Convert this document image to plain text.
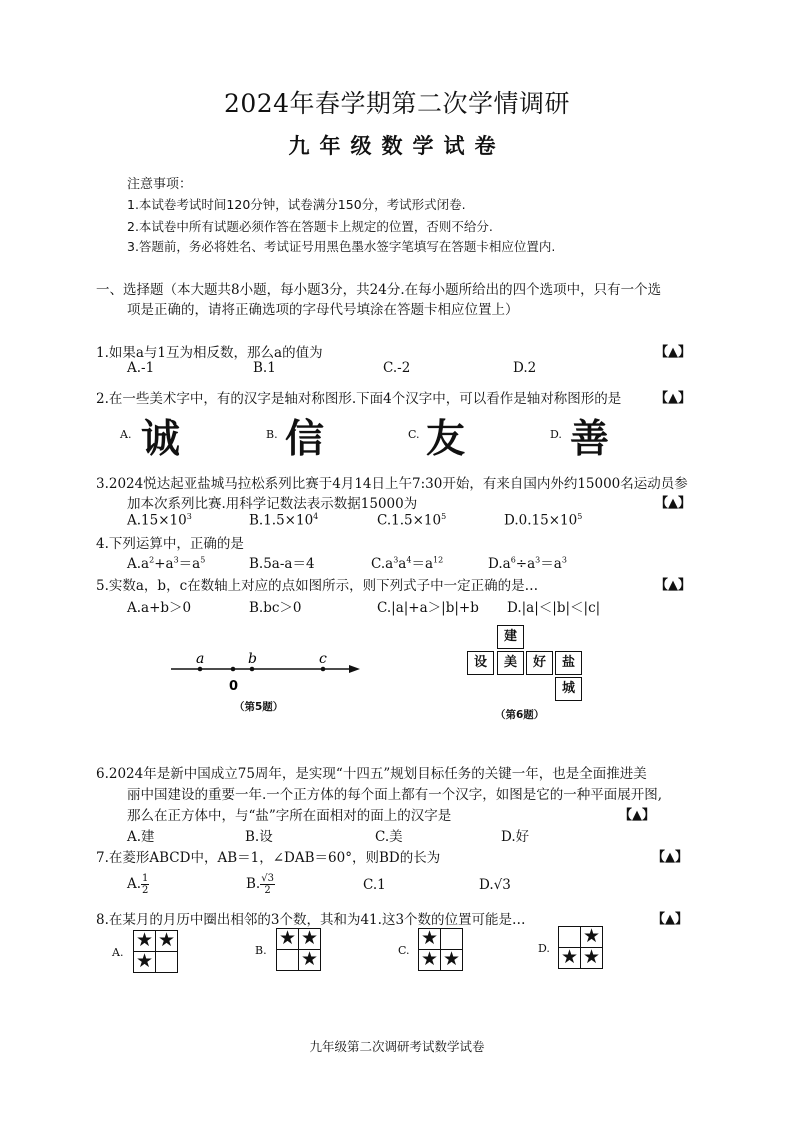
2024年春学期第二次学情调研
九年级数学试卷
注意事项：
1.本试卷考试时间120分钟，试卷满分150分，考试形式闭卷.
2.本试卷中所有试题必须作答在答题卡上规定的位置，否则不给分.
3.答题前，务必将姓名、考试证号用黑色墨水签字笔填写在答题卡相应位置内.
一、选择题（本大题共8小题，每小题3分，共24分.在每小题所给出的四个选项中，只有一个选
项是正确的，请将正确选项的字母代号填涂在答题卡相应位置上）
1.如果a与1互为相反数，那么a的值为	【▲】
A.-1	B.1	C.-2	D.2
2.在一些美术字中，有的汉字是轴对称图形.下面4个汉字中，可以看作是轴对称图形的是	【▲】
A. 诚	B. 信	C. 友	D. 善
3.2024悦达起亚盐城马拉松系列比赛于4月14日上午7:30开始，有来自国内外约15000名运动员参
加本次系列比赛.用科学记数法表示数据15000为	【▲】
$A.15\times 10^3$	$B.1.5\times 10^4$	$C.1.5\times 10^5$	$D.0.15\times 10^5$
4.下列运算中，正确的是
$A.a^2+a^3=a^5$	B.5a-a＝4	$C.a^3a^4=a^{12}$	$D.a^6\div a^3=a^3$
5.实数a，b，c在数轴上对应的点如图所示，则下列式子中一定正确的是…	【▲】
A.a+b＞0	B.bc＞0	C.|a|+a＞|b|+b D.|a|＜|b|＜|c|
a	b	c
0
（第5题）
建
设	美	好	盐
城
（第6题）
6.2024年是新中国成立75周年，是实现“十四五”规划目标任务的关键一年，也是全面推进美
丽中国建设的重要一年.一个正方体的每个面上都有一个汉字，如图是它的一种平面展开图,
那么在正方体中，与“盐”字所在面相对的面上的汉字是	【▲】
A.建	B.设	C.美	D.好
7.在菱形ABCD中，AB＝1，∠DAB＝60°，则BD的长为	【▲】
A. $\frac{1}{2}$	B. $\frac{√3}{2}$	C.1	D.√3
8.在某月的月历中圈出相邻的3个数，其和为41.这3个数的位置可能是…	【▲】
A.
★ ★
★	B.
★ ★
★	C.
★
★ ★	D.
★
★ ★
九年级第二次调研考试数学试卷
